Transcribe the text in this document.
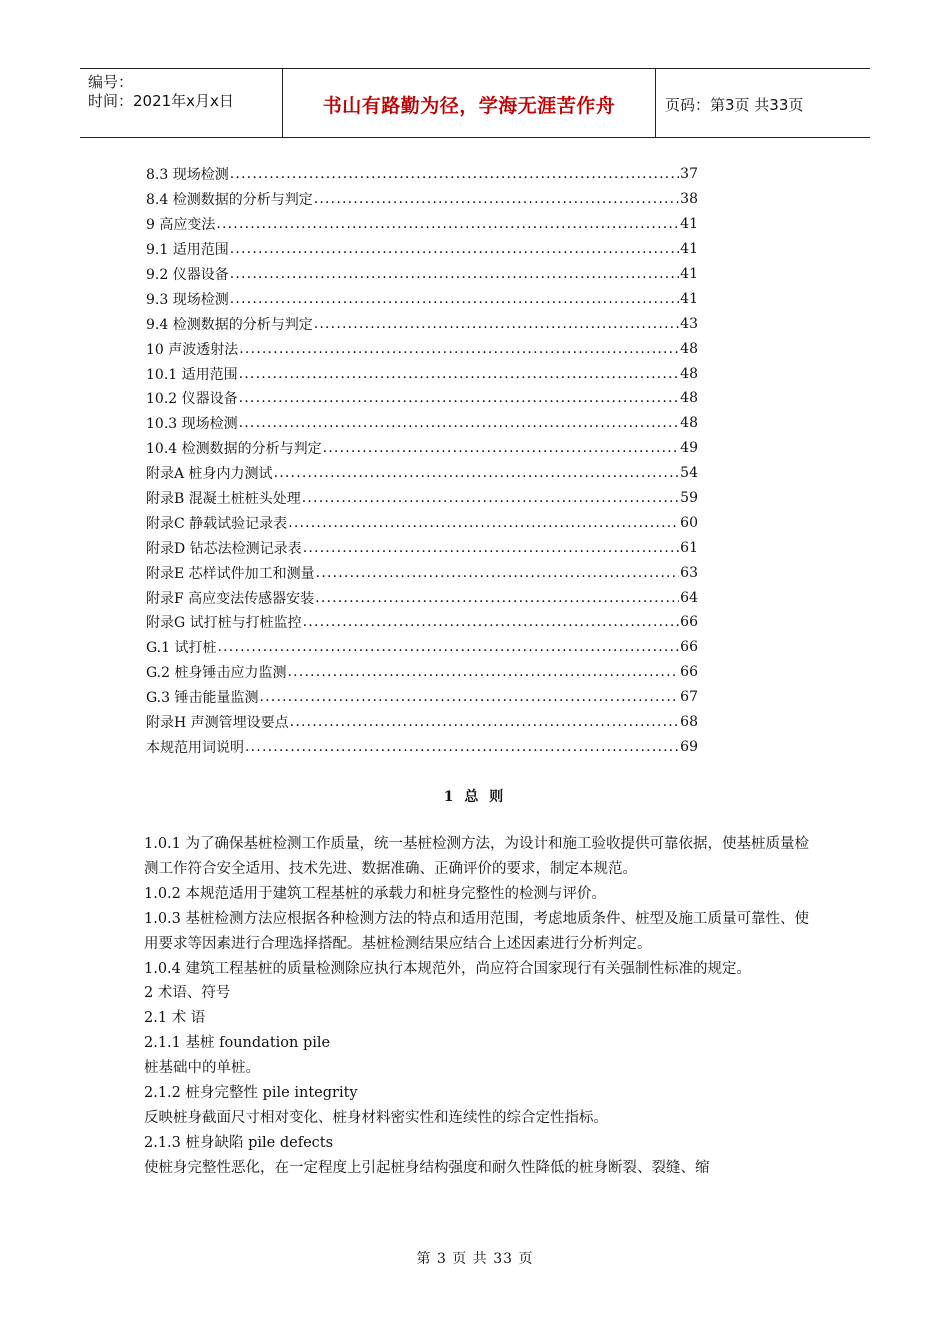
编号：
时间：2021年x月x日	书山有路勤为径，学海无涯苦作舟	页码：第3页 共33页
8.3 现场检测 .....	37
8.4 检测数据的分析与判定 .....	38
9 高应变法 .....	41
9.1 适用范围 .....	41
9.2 仪器设备 .....	41
9.3 现场检测 .....	41
9.4 检测数据的分析与判定 .....	43
10 声波透射法 .....	48
10.1 适用范围 .....	48
10.2 仪器设备 .....	48
10.3 现场检测 .....	48
10.4 检测数据的分析与判定 .....	49
附录A 桩身内力测试 .....	54
附录B 混凝土桩桩头处理 .....	59
附录C 静载试验记录表 .....	60
附录D 钻芯法检测记录表 .....	61
附录E 芯样试件加工和测量 .....	63
附录F 高应变法传感器安装 .....	64
附录G 试打桩与打桩监控 .....	66
G.1 试打桩 .....	66
G.2 桩身锤击应力监测 .....	66
G.3 锤击能量监测 .....	67
附录H 声测管埋设要点 .....	68
本规范用词说明 .....	69
1 总 则

1.0.1 为了确保基桩检测工作质量，统一基桩检测方法，为设计和施工验收提供可靠依据，使基桩质量检测工作符合安全适用、技术先进、数据准确、正确评价的要求，制定本规范。

1.0.2 本规范适用于建筑工程基桩的承载力和桩身完整性的检测与评价。

1.0.3 基桩检测方法应根据各种检测方法的特点和适用范围，考虑地质条件、桩型及施工质量可靠性、使用要求等因素进行合理选择搭配。基桩检测结果应结合上述因素进行分析判定。

1.0.4 建筑工程基桩的质量检测除应执行本规范外，尚应符合国家现行有关强制性标准的规定。

2 术语、符号

2.1 术 语

2.1.1 基桩 foundation pile

桩基础中的单桩。

2.1.2 桩身完整性 pile integrity

反映桩身截面尺寸相对变化、桩身材料密实性和连续性的综合定性指标。

2.1.3 桩身缺陷 pile defects

使桩身完整性恶化，在一定程度上引起桩身结构强度和耐久性降低的桩身断裂、裂缝、缩

第 3 页 共 33 页
